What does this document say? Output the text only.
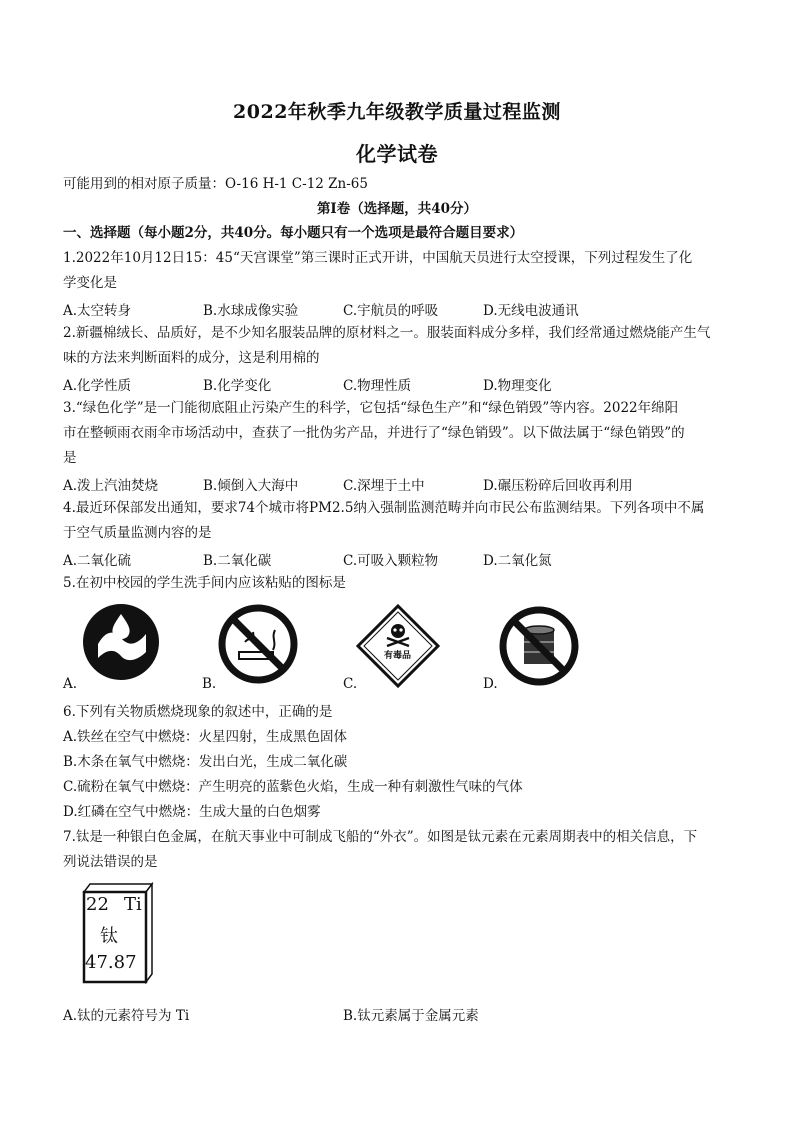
2022年秋季九年级教学质量过程监测
化学试卷
可能用到的相对原子质量：O-16 H-1 C-12 Zn-65
第Ⅰ卷（选择题，共40分）
一、选择题（每小题2分，共40分。每小题只有一个选项是最符合题目要求）
1.2022年10月12日15：45“天宫课堂”第三课时正式开讲，中国航天员进行太空授课，下列过程发生了化
学变化是
A.太空转身	B.水球成像实验	C.宇航员的呼吸	D.无线电波通讯
2.新疆棉绒长、品质好，是不少知名服装品牌的原材料之一。服装面料成分多样，我们经常通过燃烧能产生气
味的方法来判断面料的成分，这是利用棉的
A.化学性质	B.化学变化	C.物理性质	D.物理变化
3.“绿色化学”是一门能彻底阻止污染产生的科学，它包括“绿色生产”和“绿色销毁”等内容。2022年绵阳
市在整顿雨衣雨伞市场活动中，查获了一批伪劣产品，并进行了“绿色销毁”。以下做法属于“绿色销毁”的
是
A.泼上汽油焚烧	B.倾倒入大海中	C.深埋于土中	D.碾压粉碎后回收再利用
4.最近环保部发出通知，要求74个城市将PM2.5纳入强制监测范畴并向市民公布监测结果。下列各项中不属
于空气质量监测内容的是
A.二氧化硫	B.二氧化碳	C.可吸入颗粒物	D.二氧化氮
5.在初中校园的学生洗手间内应该粘贴的图标是
A.	B.
有毒品
C.	D.
6.下列有关物质燃烧现象的叙述中，正确的是
A.铁丝在空气中燃烧：火星四射，生成黑色固体
B.木条在氧气中燃烧：发出白光，生成二氧化碳
C.硫粉在氧气中燃烧：产生明亮的蓝紫色火焰，生成一种有刺激性气味的气体
D.红磷在空气中燃烧：生成大量的白色烟雾
7.钛是一种银白色金属，在航天事业中可制成飞船的“外衣”。如图是钛元素在元素周期表中的相关信息，下
列说法错误的是
22 Ti
钛
47.87
A.钛的元素符号为 Ti	B.钛元素属于金属元素
